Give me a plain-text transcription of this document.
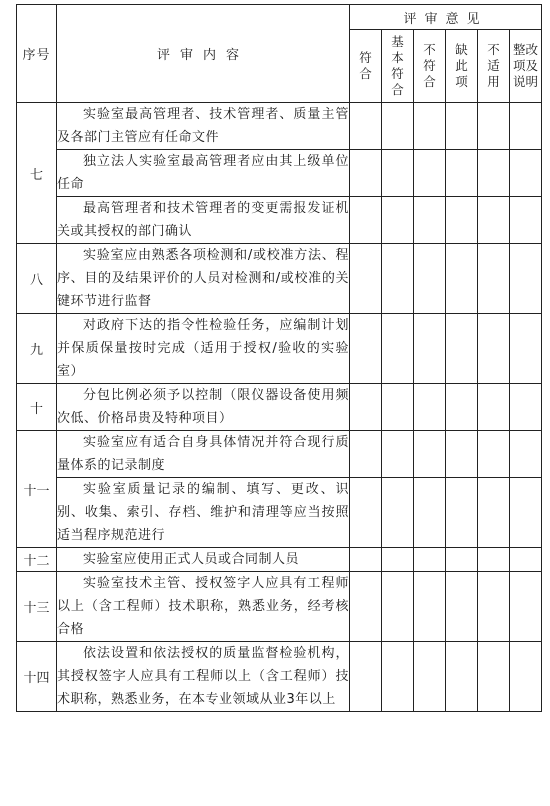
序号	评审内容	评审意见					

		符合	基本符合	不符合	缺此项	不适用	整改项及说明

七	实验室最高管理者、技术管理者、质量主管及各部门主管应有任命文件						
	独立法人实验室最高管理者应由其上级单位任命						
	最高管理者和技术管理者的变更需报发证机关或其授权的部门确认						
八	实验室应由熟悉各项检测和/或校准方法、程序、目的及结果评价的人员对检测和/或校准的关键环节进行监督						
九	对政府下达的指令性检验任务，应编制计划并保质保量按时完成（适用于授权/验收的实验室）						
十	分包比例必须予以控制（限仪器设备使用频次低、价格昂贵及特种项目）						
十一	实验室应有适合自身具体情况并符合现行质量体系的记录制度						
	实验室质量记录的编制、填写、更改、识别、收集、索引、存档、维护和清理等应当按照适当程序规范进行						
十二	实验室应使用正式人员或合同制人员						
十三	实验室技术主管、授权签字人应具有工程师以上（含工程师）技术职称，熟悉业务，经考核合格						
十四	依法设置和依法授权的质量监督检验机构，其授权签字人应具有工程师以上（含工程师）技术职称，熟悉业务，在本专业领域从业3年以上						
